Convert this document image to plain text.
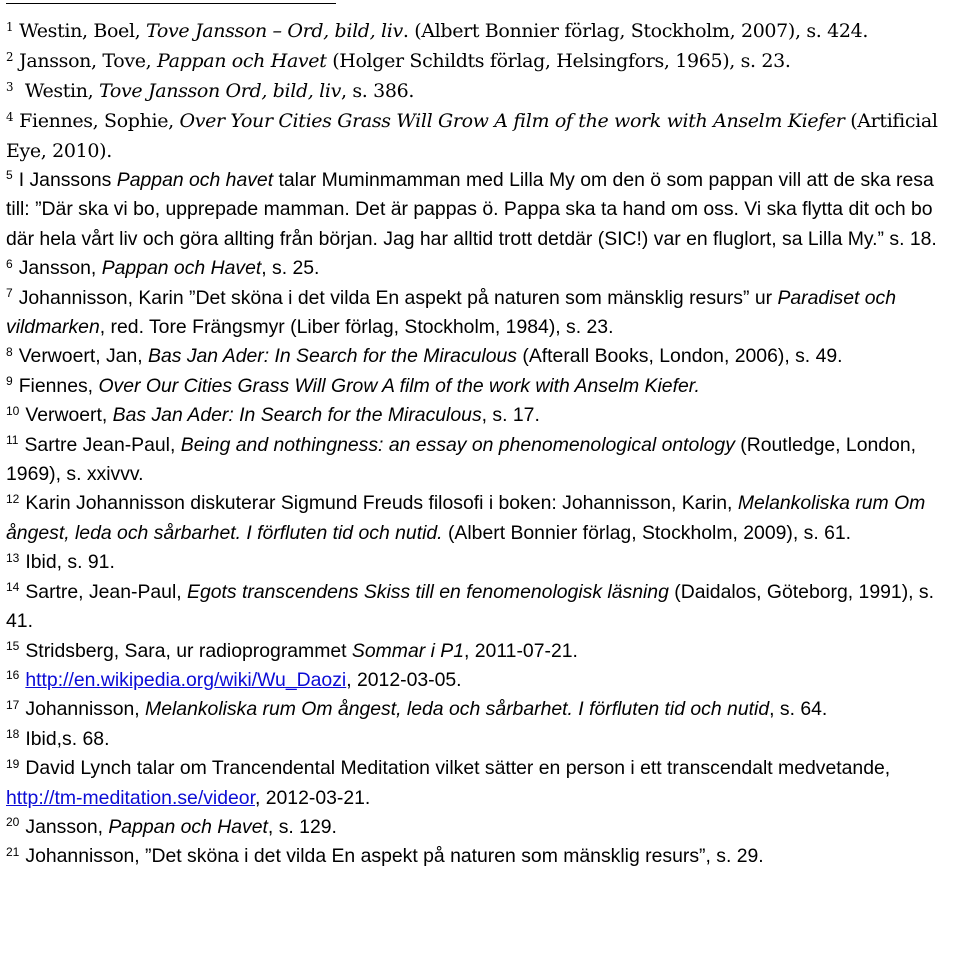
$^1$ Westin, Boel, Tove Jansson – Ord, bild, liv. (Albert Bonnier förlag, Stockholm, 2007), s. 424.
$^2$ Jansson, Tove, Pappan och Havet (Holger Schildts förlag, Helsingfors, 1965), s. 23.
$^3$ Westin, Tove Jansson Ord, bild, liv, s. 386.
$^4$ Fiennes, Sophie, Over Your Cities Grass Will Grow A film of the work with Anselm Kiefer (Artificial Eye, 2010).
$^5$ I Janssons Pappan och havet talar Muminmamman med Lilla My om den ö som pappan vill att de ska resa till: ”Där ska vi bo, upprepade mamman. Det är pappas ö. Pappa ska ta hand om oss. Vi ska flytta dit och bo där hela vårt liv och göra allting från början. Jag har alltid trott detdär (SIC!) var en fluglort, sa Lilla My.” s. 18.
$^6$ Jansson, Pappan och Havet, s. 25.
$^7$ Johannisson, Karin ”Det sköna i det vilda En aspekt på naturen som mänsklig resurs” ur Paradiset och vildmarken, red. Tore Frängsmyr (Liber förlag, Stockholm, 1984), s. 23.
$^8$ Verwoert, Jan, Bas Jan Ader: In Search for the Miraculous (Afterall Books, London, 2006), s. 49.
$^9$ Fiennes, Over Our Cities Grass Will Grow A film of the work with Anselm Kiefer.
$^{10}$ Verwoert, Bas Jan Ader: In Search for the Miraculous, s. 17.
$^{11}$ Sartre Jean-Paul, Being and nothingness: an essay on phenomenological ontology (Routledge, London, 1969), s. xxivvv.
$^{12}$ Karin Johannisson diskuterar Sigmund Freuds filosofi i boken: Johannisson, Karin, Melankoliska rum Om ångest, leda och sårbarhet. I förfluten tid och nutid. (Albert Bonnier förlag, Stockholm, 2009), s. 61.
$^{13}$ Ibid, s. 91.
$^{14}$ Sartre, Jean-Paul, Egots transcendens Skiss till en fenomenologisk läsning (Daidalos, Göteborg, 1991), s. 41.
$^{15}$ Stridsberg, Sara, ur radioprogrammet Sommar i P1, 2011-07-21.
$^{16}$ http://en.wikipedia.org/wiki/Wu_Daozi, 2012-03-05.
$^{17}$ Johannisson, Melankoliska rum Om ångest, leda och sårbarhet. I förfluten tid och nutid, s. 64.
$^{18}$ Ibid,s. 68.
$^{19}$ David Lynch talar om Trancendental Meditation vilket sätter en person i ett transcendalt medvetande, http://tm-meditation.se/videor, 2012-03-21.
$^{20}$ Jansson, Pappan och Havet, s. 129.
$^{21}$ Johannisson, ”Det sköna i det vilda En aspekt på naturen som mänsklig resurs”, s. 29.
